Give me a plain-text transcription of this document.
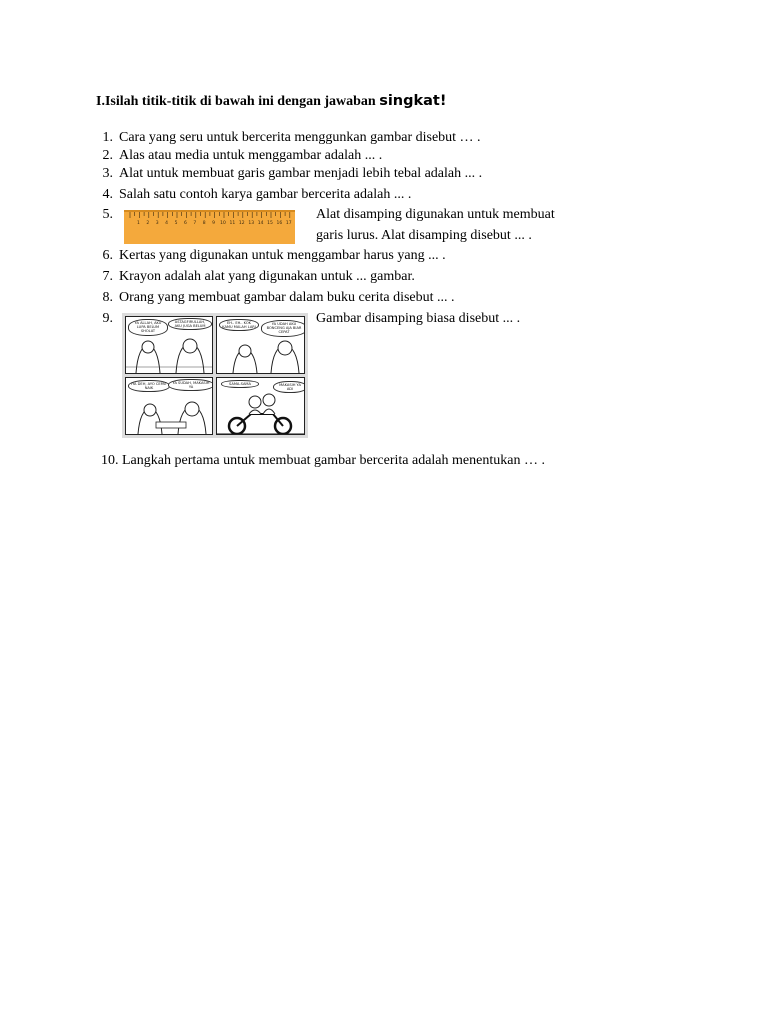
I.Isilah titik-titik di bawah ini dengan jawaban singkat!
1. Cara yang seru untuk bercerita menggunkan gambar disebut … .
2. Alas atau media untuk menggambar adalah ... .
3. Alat untuk membuat garis gambar menjadi lebih tebal adalah ... .
4. Salah satu contoh karya gambar bercerita adalah ... .
5.
1 2 3 4 5 6 7 8 9 10 11 12 13 14 15 16 17
Alat disamping digunakan untuk membuat
garis lurus. Alat disamping disebut ... .
6. Kertas yang digunakan untuk menggambar harus yang ... .
7. Krayon adalah alat yang digunakan untuk ... gambar.
8. Orang yang membuat gambar dalam buku cerita disebut ... .
9.	Gambar disamping biasa disebut ... .
YA ALLAH, AKU LUPA BELUM SHOLAT
ASTAGFIRULLAH, AKU JUGA BELUM
EH.. EH.. KOK KAMU MALAH LARI
YA UDAH AKU BONCENG AJA BIAR CEPAT
IYA DEH, AYO CEPAT NAIK
YA SUDAH, MAKASIH YA
SAMA-SAMA	MAKASIH YA ADI
10. Langkah pertama untuk membuat gambar bercerita adalah menentukan … .
